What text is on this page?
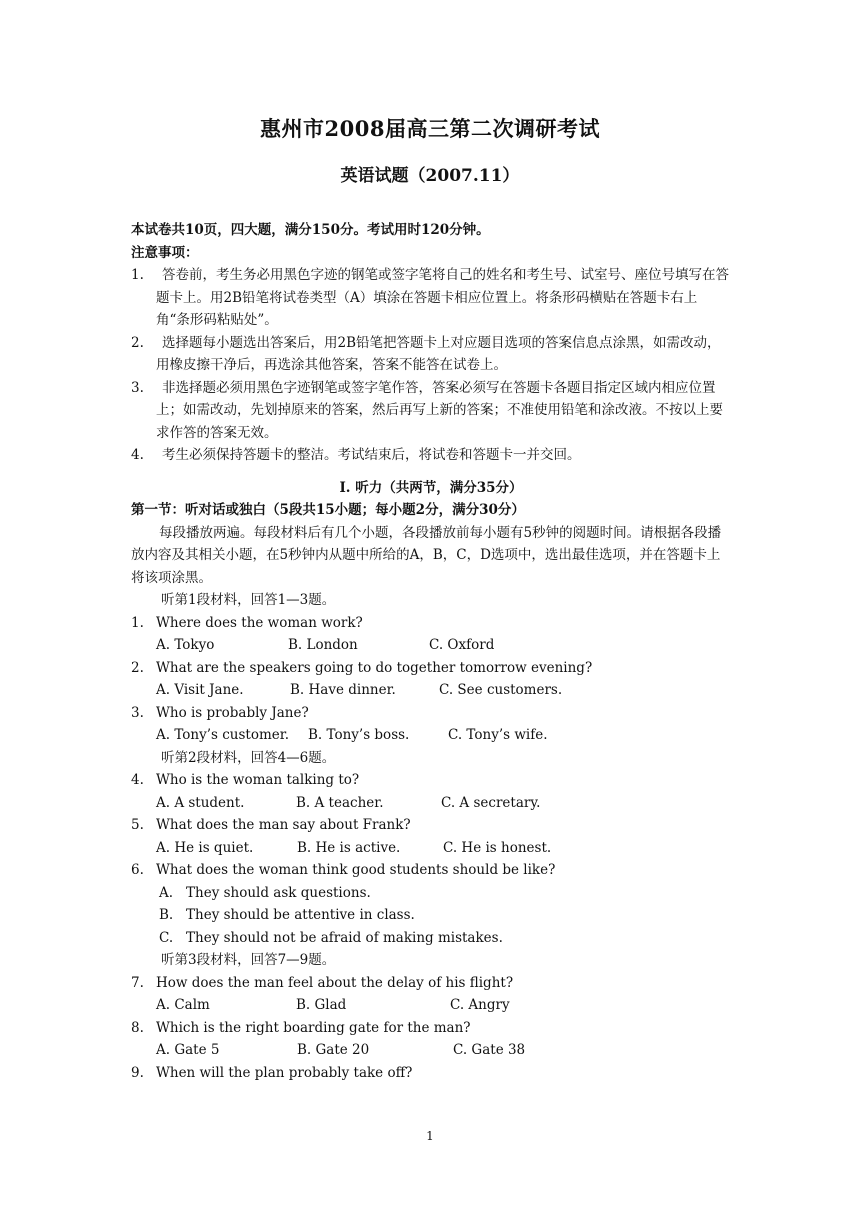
惠州市2008届高三第二次调研考试
英语试题（2007.11）
本试卷共10页，四大题，满分150分。考试用时120分钟。
注意事项：
1.	答卷前，考生务必用黑色字迹的钢笔或签字笔将自己的姓名和考生号、试室号、座位号填写在答题卡上。用2B铅笔将试卷类型（A）填涂在答题卡相应位置上。将条形码横贴在答题卡右上角“条形码粘贴处”。
2.	选择题每小题选出答案后，用2B铅笔把答题卡上对应题目选项的答案信息点涂黑，如需改动，用橡皮擦干净后，再选涂其他答案，答案不能答在试卷上。
3.	非选择题必须用黑色字迹钢笔或签字笔作答，答案必须写在答题卡各题目指定区域内相应位置上；如需改动，先划掉原来的答案，然后再写上新的答案；不准使用铅笔和涂改液。不按以上要求作答的答案无效。
4.	考生必须保持答题卡的整洁。考试结束后，将试卷和答题卡一并交回。
Ⅰ. 听力（共两节，满分35分）
第一节：听对话或独白（5段共15小题；每小题2分，满分30分）
每段播放两遍。每段材料后有几个小题，各段播放前每小题有5秒钟的阅题时间。请根据各段播放内容及其相关小题，在5秒钟内从题中所给的A，B，C，D选项中，选出最佳选项，并在答题卡上将该项涂黑。
听第1段材料，回答1—3题。
1. Where does the woman work?
A. Tokyo	B. London	C. Oxford
2. What are the speakers going to do together tomorrow evening?
A. Visit Jane.	B. Have dinner.	C. See customers.
3. Who is probably Jane?
A. Tony’s customer.	B. Tony’s boss.	C. Tony’s wife.
听第2段材料，回答4—6题。
4. Who is the woman talking to?
A. A student.	B. A teacher.	C. A secretary.
5. What does the man say about Frank?
A. He is quiet.	B. He is active.	C. He is honest.
6. What does the woman think good students should be like?
A. They should ask questions.
B. They should be attentive in class.
C. They should not be afraid of making mistakes.
听第3段材料，回答7—9题。
7. How does the man feel about the delay of his flight?
A. Calm	B. Glad	C. Angry
8. Which is the right boarding gate for the man?
A. Gate 5	B. Gate 20	C. Gate 38
9. When will the plan probably take off?
1
